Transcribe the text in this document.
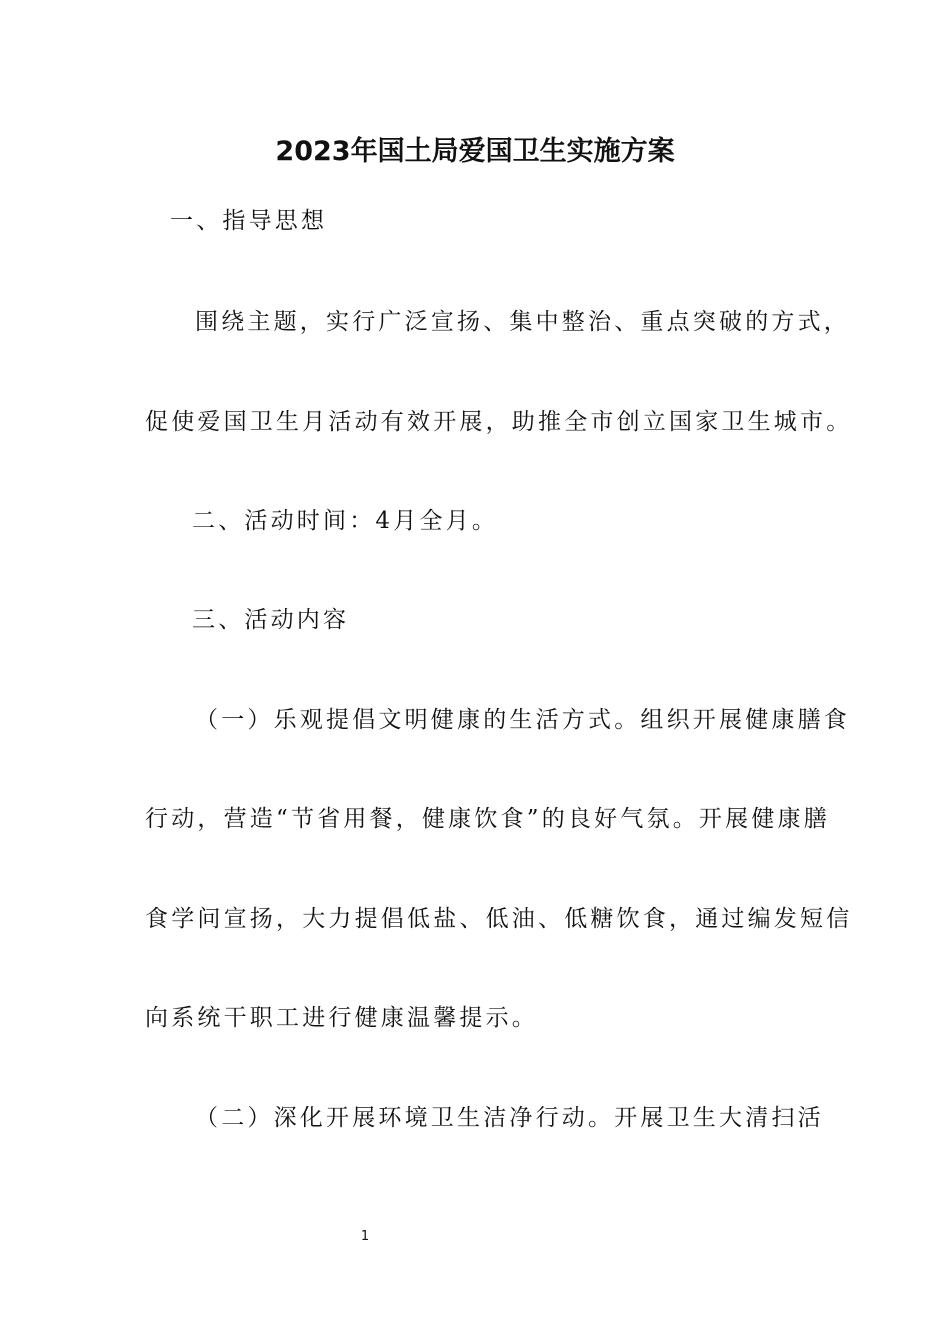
2023年国土局爱国卫生实施方案
一、指导思想
围绕主题，实行广泛宣扬、集中整治、重点突破的方式，
促使爱国卫生月活动有效开展，助推全市创立国家卫生城市。
二、活动时间：4月全月。
三、活动内容
（一）乐观提倡文明健康的生活方式。组织开展健康膳食
行动，营造“节省用餐，健康饮食”的良好气氛。开展健康膳
食学问宣扬，大力提倡低盐、低油、低糖饮食，通过编发短信
向系统干职工进行健康温馨提示。
（二）深化开展环境卫生洁净行动。开展卫生大清扫活
1
